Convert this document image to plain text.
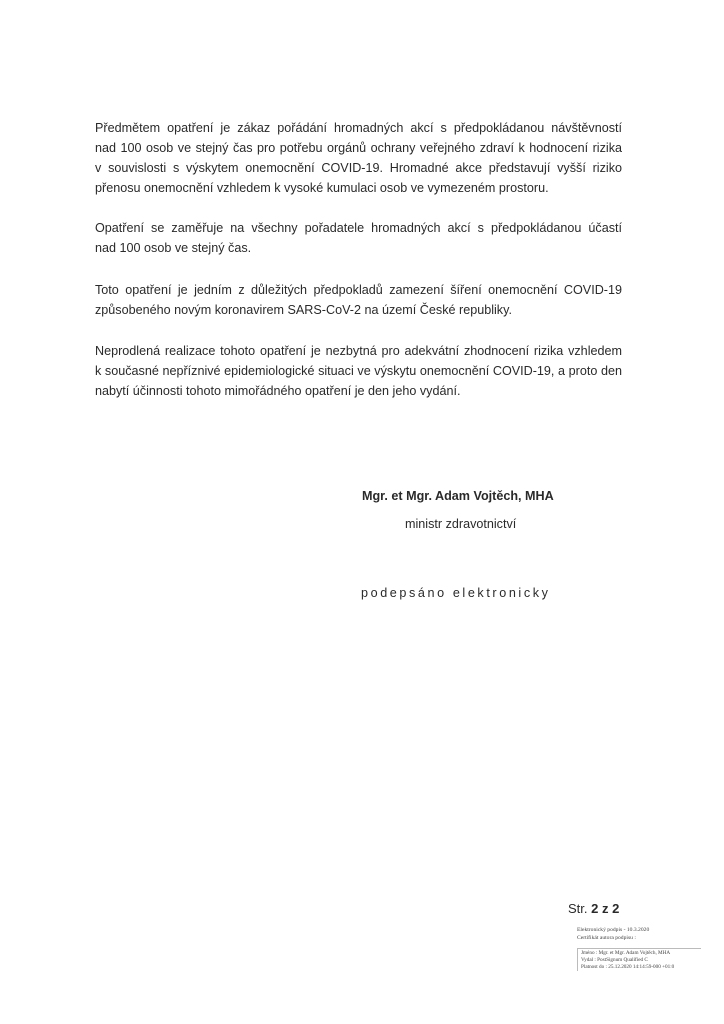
Předmětem opatření je zákaz pořádání hromadných akcí s předpokládanou návštěvností
nad 100 osob ve stejný čas pro potřebu orgánů ochrany veřejného zdraví k hodnocení rizika
v souvislosti s výskytem onemocnění COVID-19. Hromadné akce představují vyšší riziko
přenosu onemocnění vzhledem k vysoké kumulaci osob ve vymezeném prostoru.
Opatření se zaměřuje na všechny pořadatele hromadných akcí s předpokládanou účastí
nad 100 osob ve stejný čas.
Toto opatření je jedním z důležitých předpokladů zamezení šíření onemocnění COVID-19
způsobeného novým koronavirem SARS-CoV-2 na území České republiky.
Neprodlená realizace tohoto opatření je nezbytná pro adekvátní zhodnocení rizika vzhledem
k současné nepříznivé epidemiologické situaci ve výskytu onemocnění COVID-19, a proto den
nabytí účinnosti tohoto mimořádného opatření je den jeho vydání.

Mgr. et Mgr. Adam Vojtěch, MHA

ministr zdravotnictví

podepsáno elektronicky

Str. 2 z 2

Elektronický podpis - 10.3.2020
Certifikát autora podpisu :
Jméno : Mgr. et Mgr. Adam Vojtěch, MHA
Vydal : PostSignum Qualified C
Platnost do : 25.12.2020 14:14:59-000 +01:0
